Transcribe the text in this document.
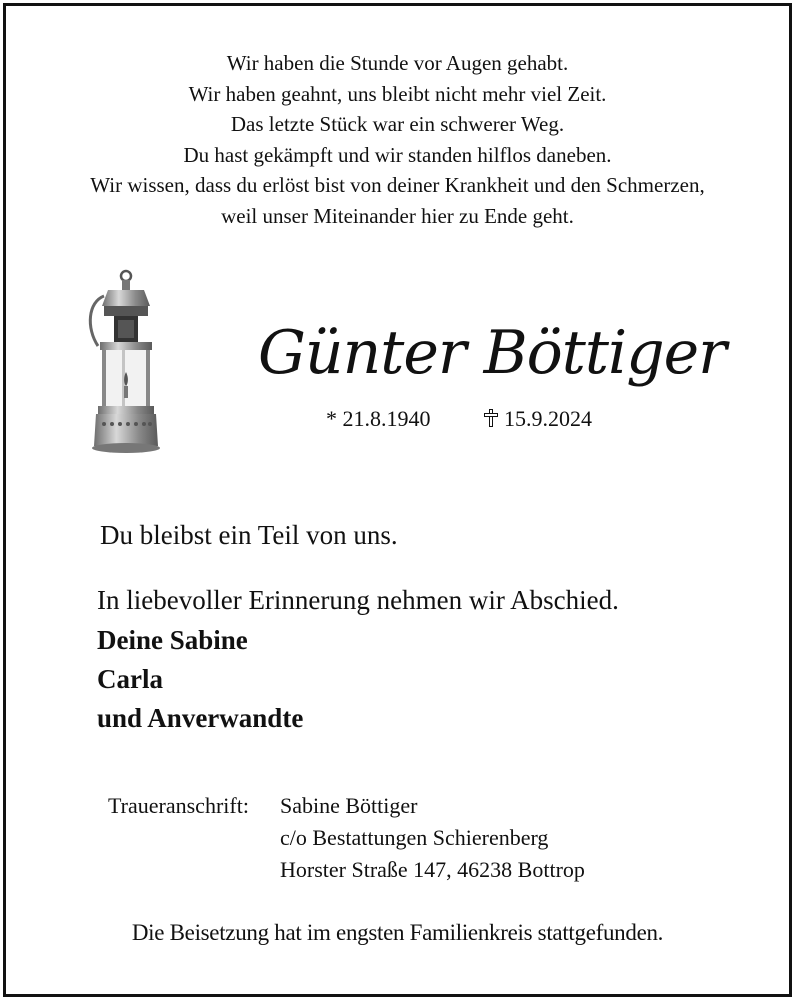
Wir haben die Stunde vor Augen gehabt.
Wir haben geahnt, uns bleibt nicht mehr viel Zeit.
Das letzte Stück war ein schwerer Weg.
Du hast gekämpft und wir standen hilflos daneben.
Wir wissen, dass du erlöst bist von deiner Krankheit und den Schmerzen,
weil unser Miteinander hier zu Ende geht.
Günter Böttiger
* 21.8.1940	15.9.2024
Du bleibst ein Teil von uns.
In liebevoller Erinnerung nehmen wir Abschied.
Deine Sabine
Carla
und Anverwandte
Traueranschrift:	Sabine Böttiger
c/o Bestattungen Schierenberg
Horster Straße 147, 46238 Bottrop
Die Beisetzung hat im engsten Familienkreis stattgefunden.
